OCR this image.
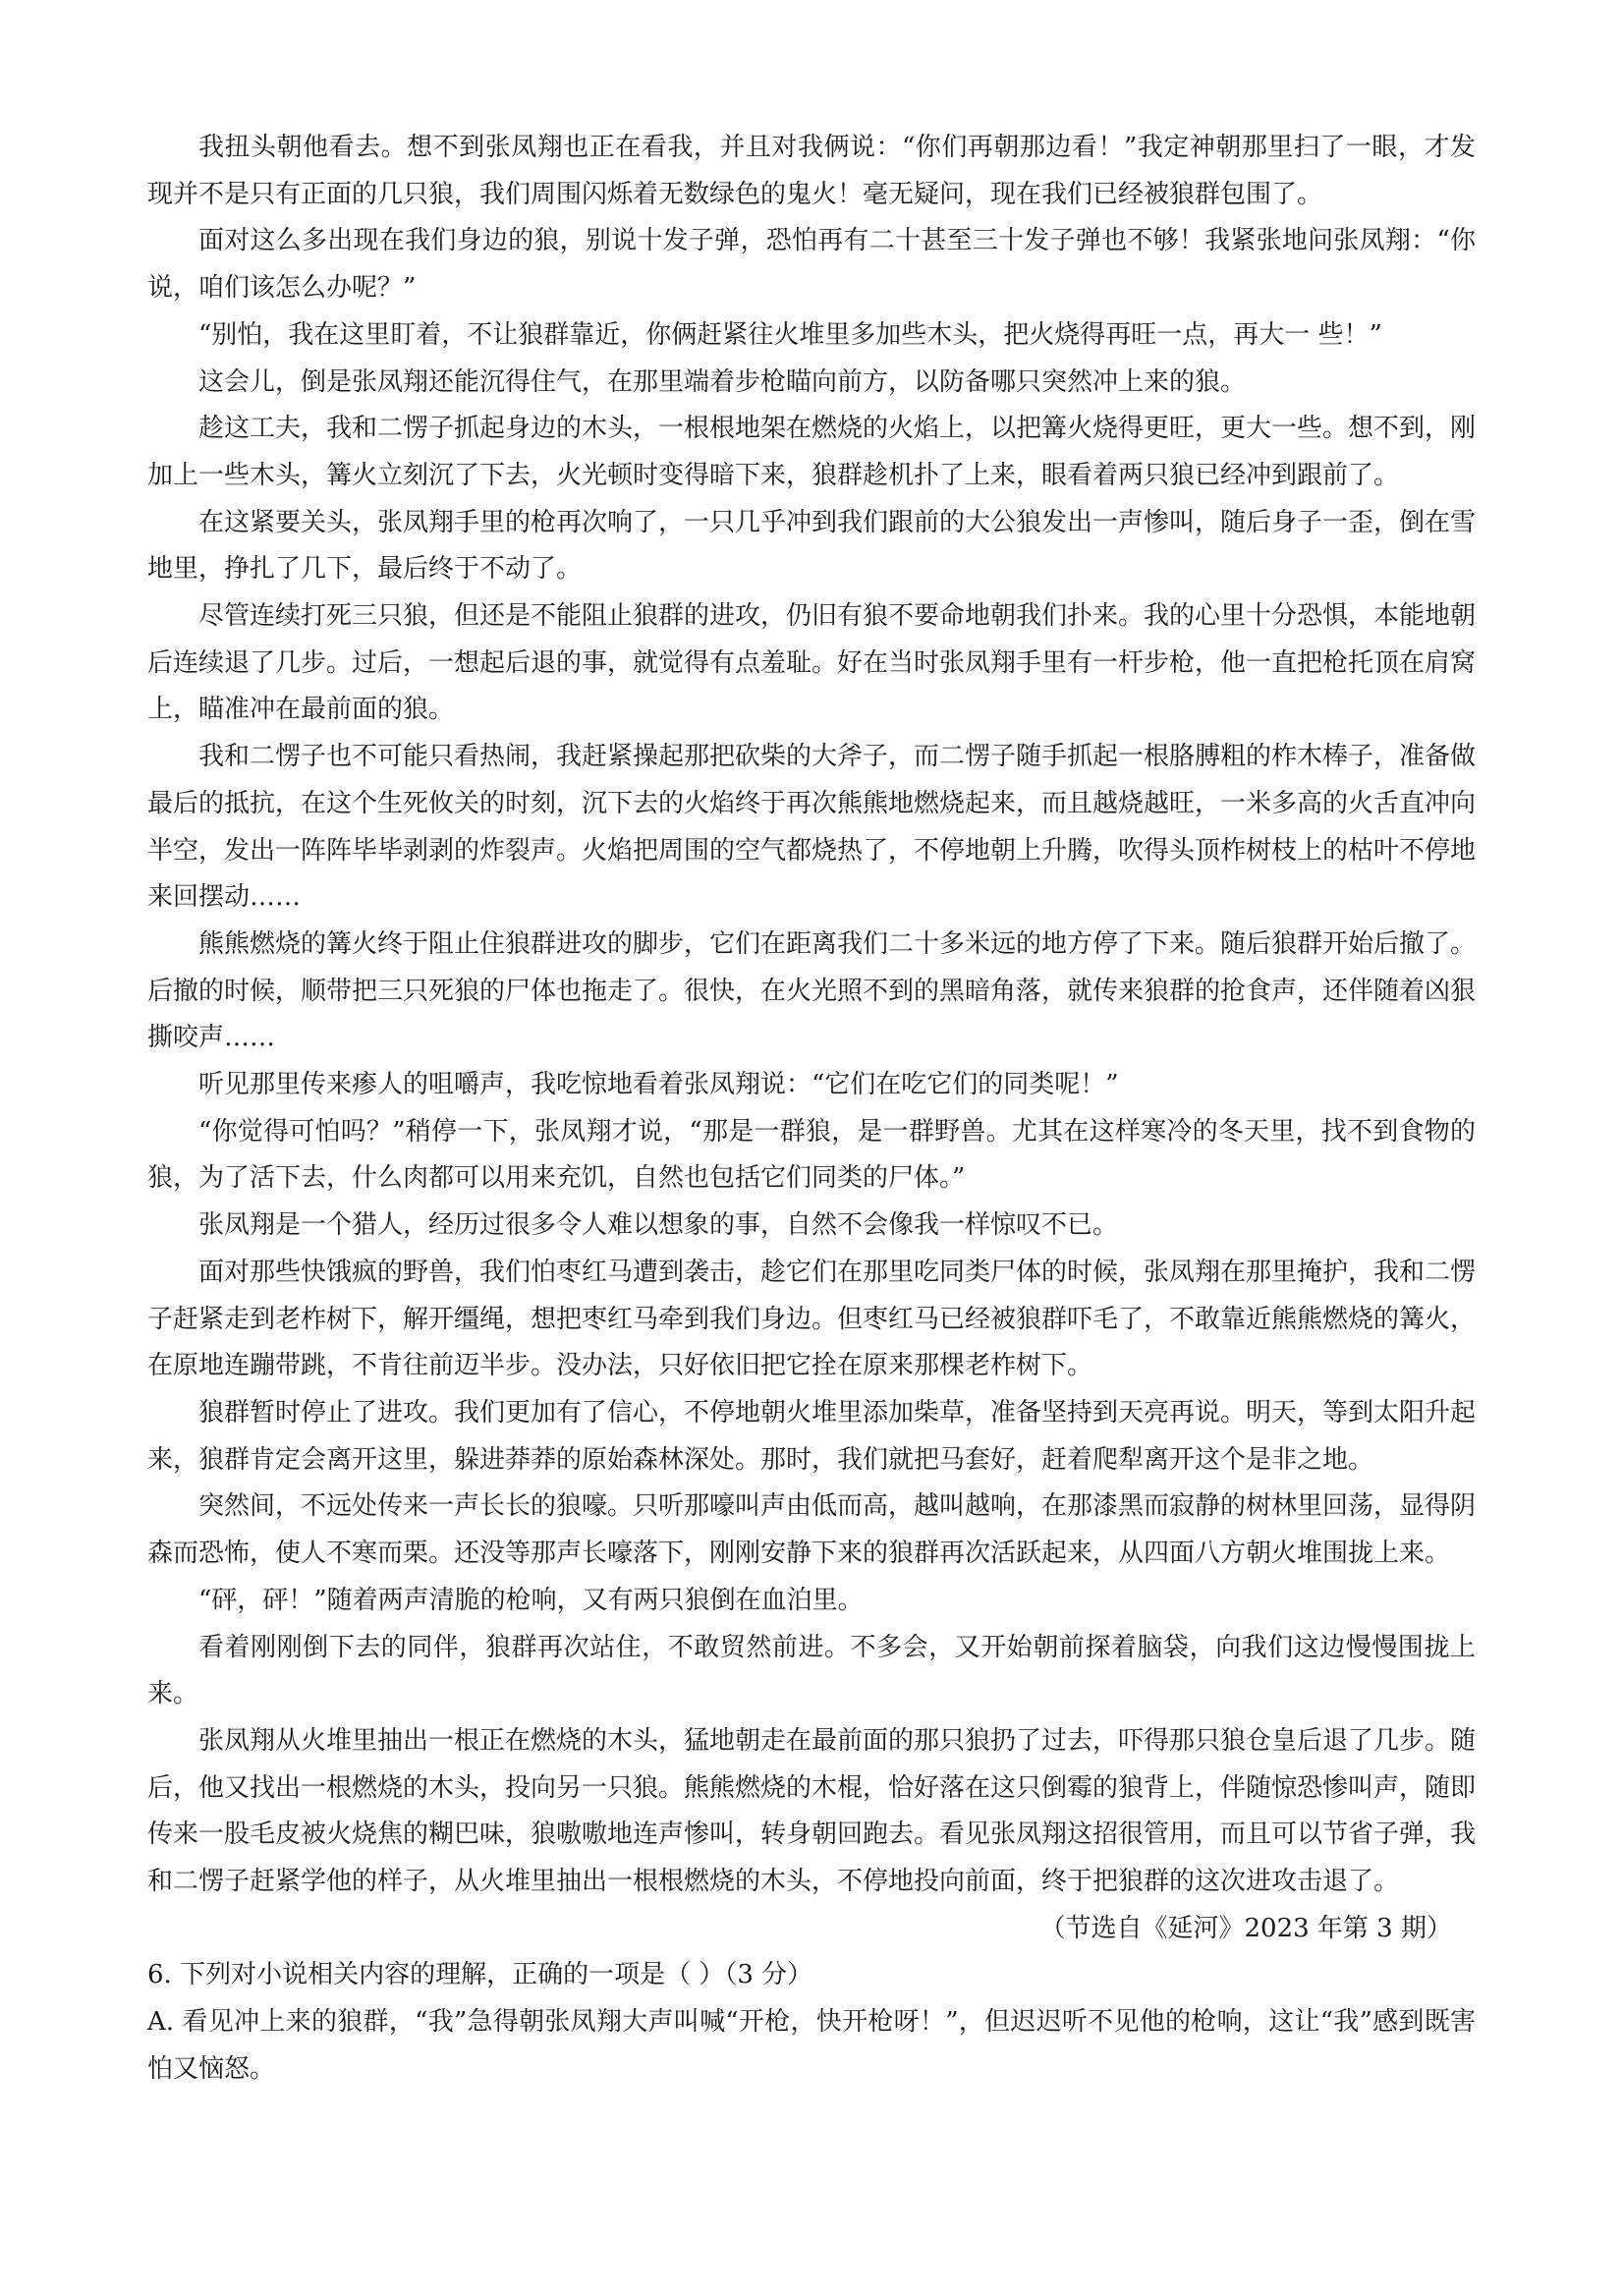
我扭头朝他看去。想不到张凤翔也正在看我，并且对我俩说：“你们再朝那边看！”我定神朝那里扫了一眼，才发现并不是只有正面的几只狼，我们周围闪烁着无数绿色的鬼火！毫无疑问，现在我们已经被狼群包围了。

面对这么多出现在我们身边的狼，别说十发子弹，恐怕再有二十甚至三十发子弹也不够！我紧张地问张凤翔：“你说，咱们该怎么办呢？”

“别怕，我在这里盯着，不让狼群靠近，你俩赶紧往火堆里多加些木头，把火烧得再旺一点，再大一 些！”

这会儿，倒是张凤翔还能沉得住气，在那里端着步枪瞄向前方，以防备哪只突然冲上来的狼。

趁这工夫，我和二愣子抓起身边的木头，一根根地架在燃烧的火焰上，以把篝火烧得更旺，更大一些。想不到，刚加上一些木头，篝火立刻沉了下去，火光顿时变得暗下来，狼群趁机扑了上来，眼看着两只狼已经冲到跟前了。

在这紧要关头，张凤翔手里的枪再次响了，一只几乎冲到我们跟前的大公狼发出一声惨叫，随后身子一歪，倒在雪地里，挣扎了几下，最后终于不动了。

尽管连续打死三只狼，但还是不能阻止狼群的进攻，仍旧有狼不要命地朝我们扑来。我的心里十分恐惧，本能地朝后连续退了几步。过后，一想起后退的事，就觉得有点羞耻。好在当时张凤翔手里有一杆步枪，他一直把枪托顶在肩窝上，瞄准冲在最前面的狼。

我和二愣子也不可能只看热闹，我赶紧操起那把砍柴的大斧子，而二愣子随手抓起一根胳膊粗的柞木棒子，准备做最后的抵抗，在这个生死攸关的时刻，沉下去的火焰终于再次熊熊地燃烧起来，而且越烧越旺，一米多高的火舌直冲向半空，发出一阵阵毕毕剥剥的炸裂声。火焰把周围的空气都烧热了，不停地朝上升腾，吹得头顶柞树枝上的枯叶不停地来回摆动……

熊熊燃烧的篝火终于阻止住狼群进攻的脚步，它们在距离我们二十多米远的地方停了下来。随后狼群开始后撤了。后撤的时候，顺带把三只死狼的尸体也拖走了。很快，在火光照不到的黑暗角落，就传来狼群的抢食声，还伴随着凶狠撕咬声……

听见那里传来瘆人的咀嚼声，我吃惊地看着张凤翔说：“它们在吃它们的同类呢！”

“你觉得可怕吗？”稍停一下，张凤翔才说，“那是一群狼，是一群野兽。尤其在这样寒冷的冬天里，找不到食物的狼，为了活下去，什么肉都可以用来充饥，自然也包括它们同类的尸体。”

张凤翔是一个猎人，经历过很多令人难以想象的事，自然不会像我一样惊叹不已。

面对那些快饿疯的野兽，我们怕枣红马遭到袭击，趁它们在那里吃同类尸体的时候，张凤翔在那里掩护，我和二愣子赶紧走到老柞树下，解开缰绳，想把枣红马牵到我们身边。但枣红马已经被狼群吓毛了，不敢靠近熊熊燃烧的篝火，在原地连蹦带跳，不肯往前迈半步。没办法，只好依旧把它拴在原来那棵老柞树下。

狼群暂时停止了进攻。我们更加有了信心，不停地朝火堆里添加柴草，准备坚持到天亮再说。明天，等到太阳升起来，狼群肯定会离开这里，躲进莽莽的原始森林深处。那时，我们就把马套好，赶着爬犁离开这个是非之地。

突然间，不远处传来一声长长的狼嚎。只听那嚎叫声由低而高，越叫越响，在那漆黑而寂静的树林里回荡，显得阴森而恐怖，使人不寒而栗。还没等那声长嚎落下，刚刚安静下来的狼群再次活跃起来，从四面八方朝火堆围拢上来。

“砰，砰！”随着两声清脆的枪响，又有两只狼倒在血泊里。

看着刚刚倒下去的同伴，狼群再次站住，不敢贸然前进。不多会，又开始朝前探着脑袋，向我们这边慢慢围拢上来。

张凤翔从火堆里抽出一根正在燃烧的木头，猛地朝走在最前面的那只狼扔了过去，吓得那只狼仓皇后退了几步。随后，他又找出一根燃烧的木头，投向另一只狼。熊熊燃烧的木棍，恰好落在这只倒霉的狼背上，伴随惊恐惨叫声，随即传来一股毛皮被火烧焦的糊巴味，狼嗷嗷地连声惨叫，转身朝回跑去。看见张凤翔这招很管用，而且可以节省子弹，我和二愣子赶紧学他的样子，从火堆里抽出一根根燃烧的木头，不停地投向前面，终于把狼群的这次进攻击退了。

（节选自《延河》2023 年第 3 期）

6. 下列对小说相关内容的理解，正确的一项是（ ）（3 分）

A. 看见冲上来的狼群，“我”急得朝张凤翔大声叫喊“开枪，快开枪呀！”，但迟迟听不见他的枪响，这让“我”感到既害怕又恼怒。
